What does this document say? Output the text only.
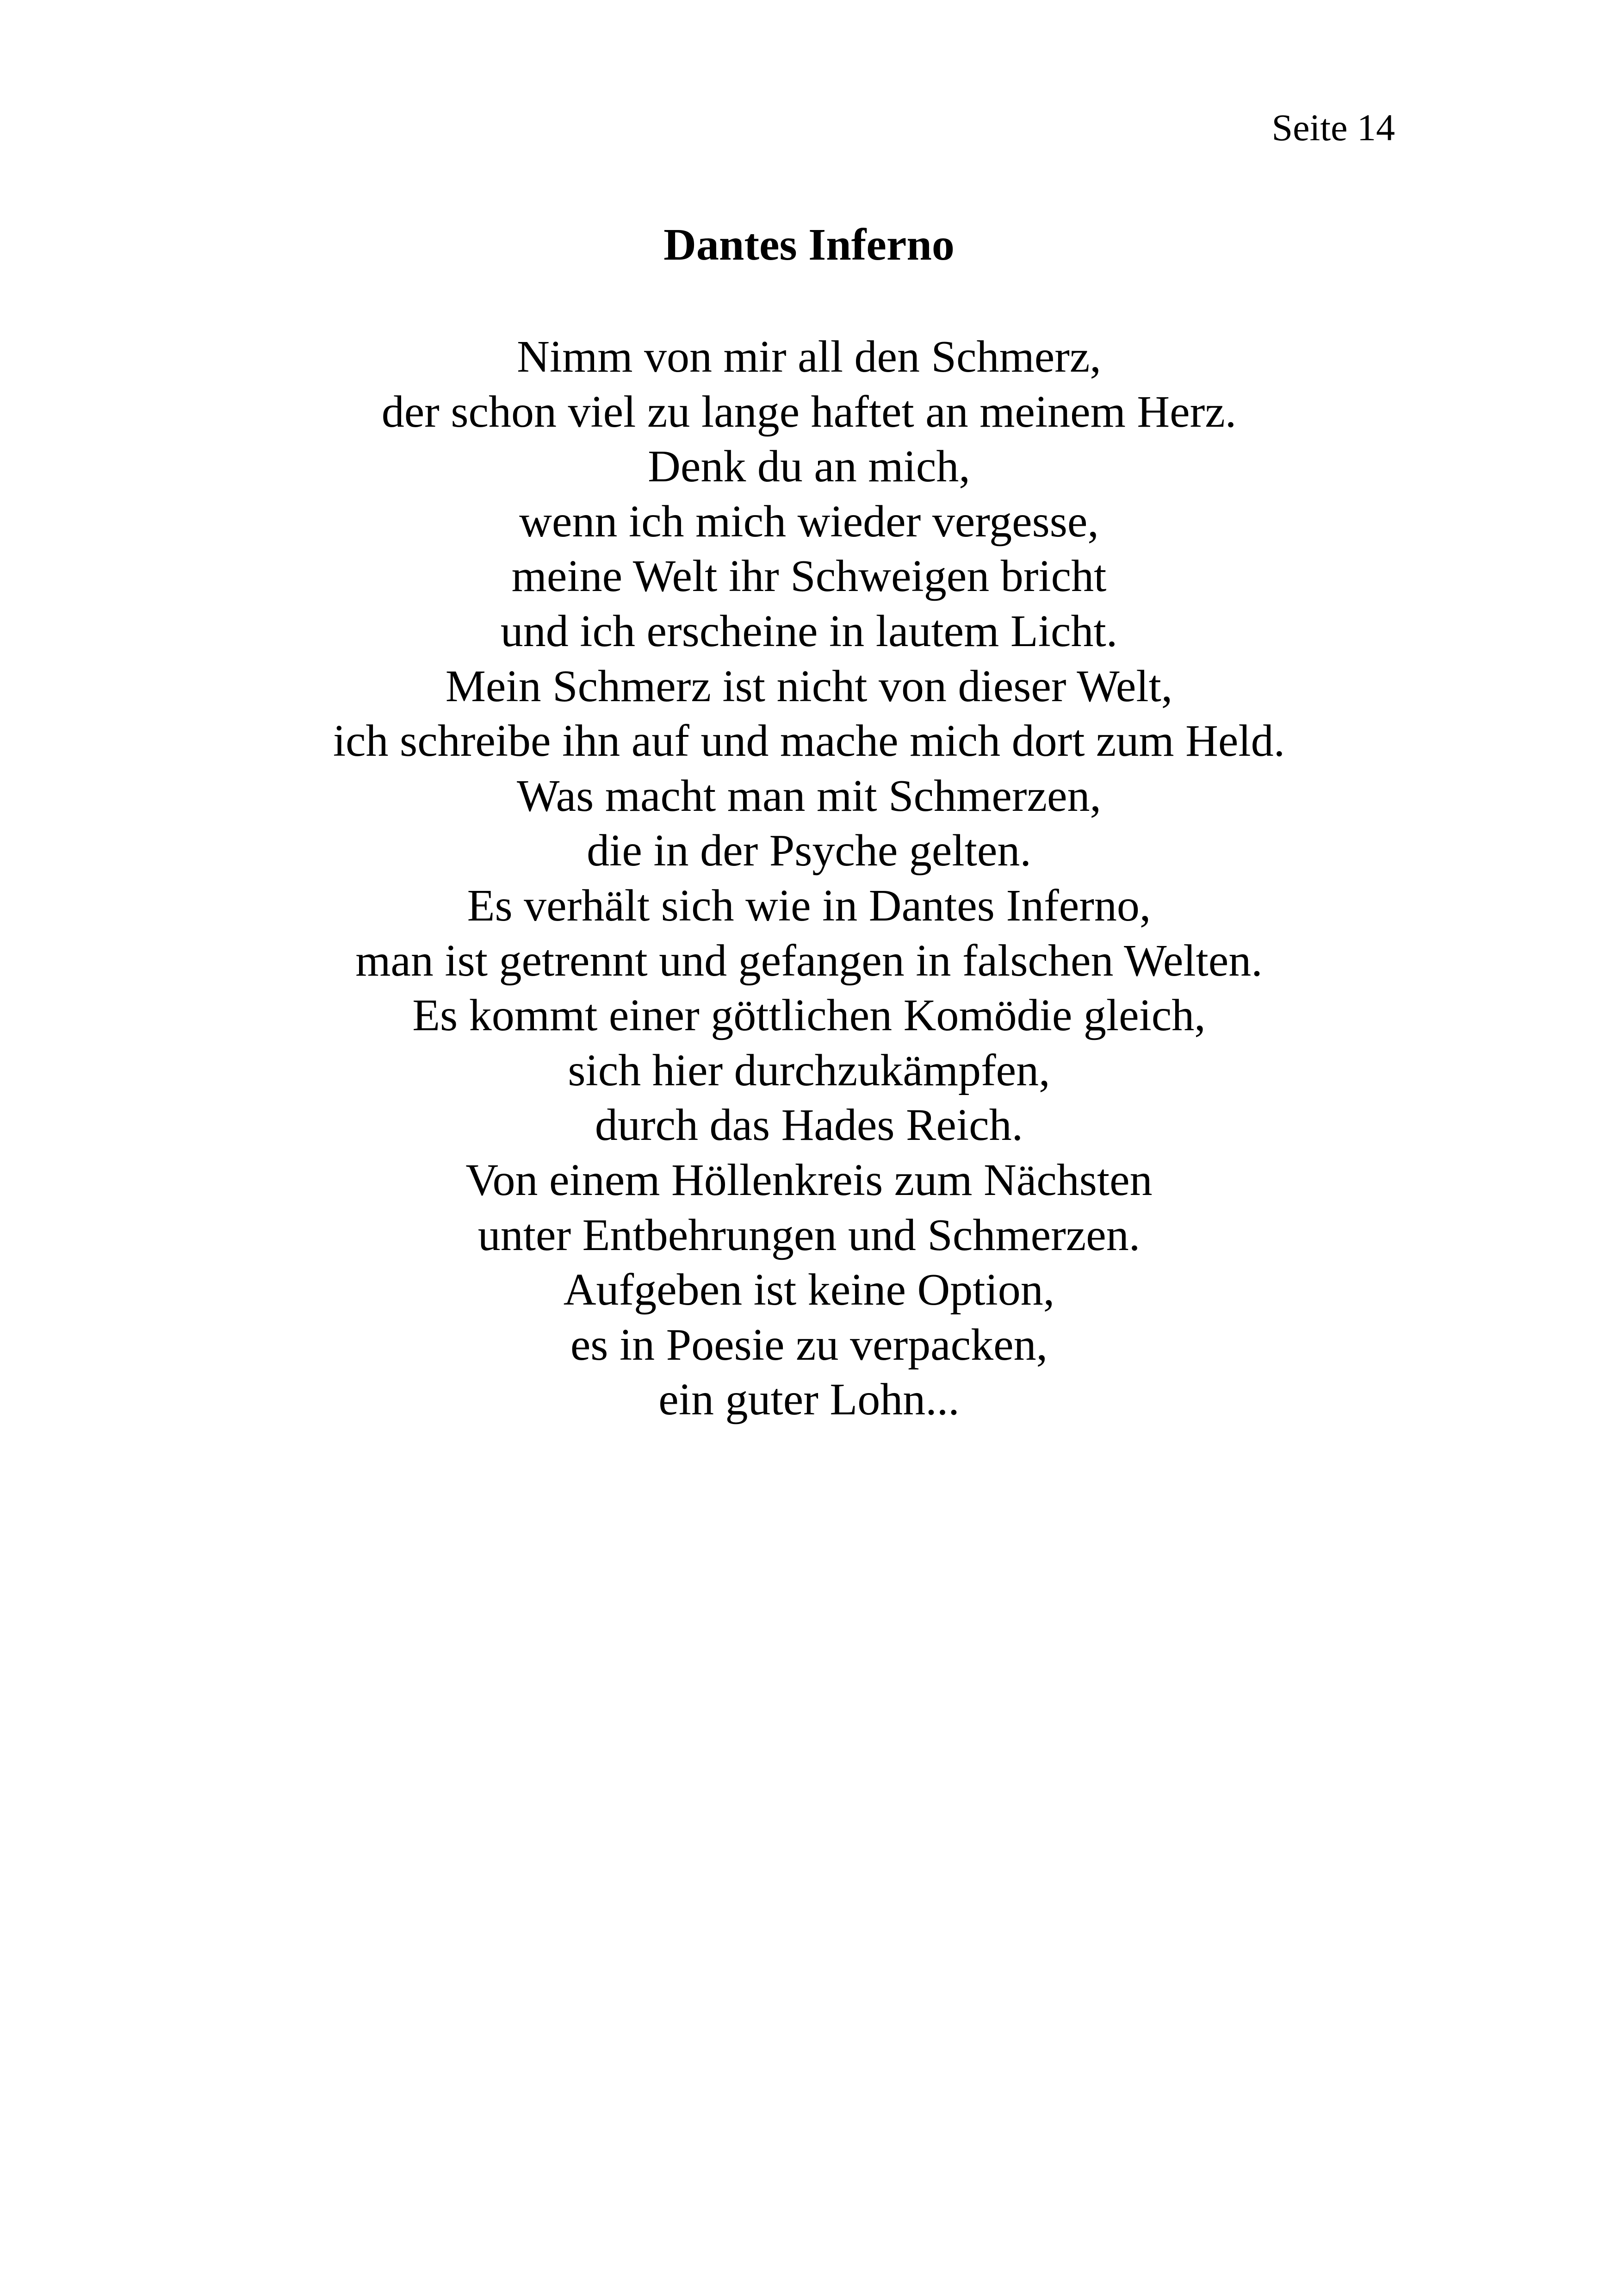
Seite 14
Dantes Inferno
Nimm von mir all den Schmerz,
der schon viel zu lange haftet an meinem Herz.
Denk du an mich,
wenn ich mich wieder vergesse,
meine Welt ihr Schweigen bricht
und ich erscheine in lautem Licht.
Mein Schmerz ist nicht von dieser Welt,
ich schreibe ihn auf und mache mich dort zum Held.
Was macht man mit Schmerzen,
die in der Psyche gelten.
Es verhält sich wie in Dantes Inferno,
man ist getrennt und gefangen in falschen Welten.
Es kommt einer göttlichen Komödie gleich,
sich hier durchzukämpfen,
durch das Hades Reich.
Von einem Höllenkreis zum Nächsten
unter Entbehrungen und Schmerzen.
Aufgeben ist keine Option,
es in Poesie zu verpacken,
ein guter Lohn...
